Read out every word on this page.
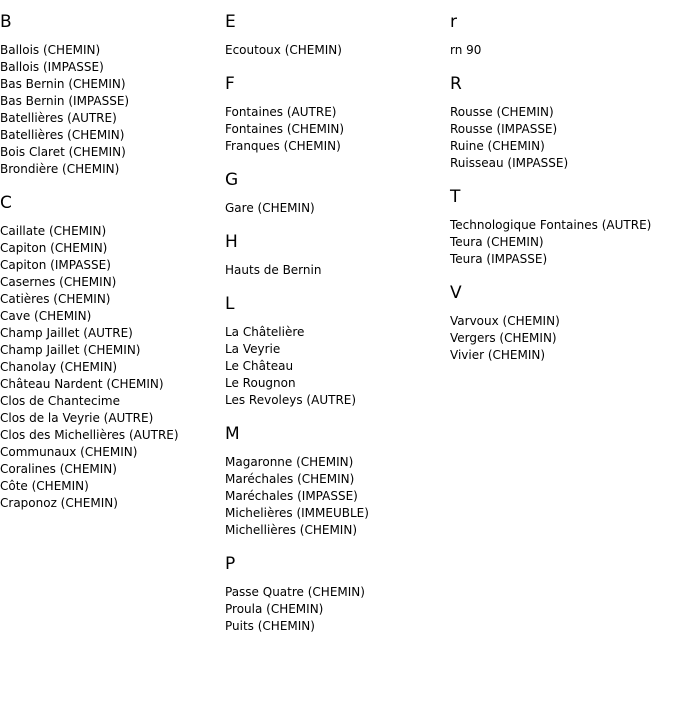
B
Ballois (CHEMIN)
Ballois (IMPASSE)
Bas Bernin (CHEMIN)
Bas Bernin (IMPASSE)
Batellières (AUTRE)
Batellières (CHEMIN)
Bois Claret (CHEMIN)
Brondière (CHEMIN)
C
Caillate (CHEMIN)
Capiton (CHEMIN)
Capiton (IMPASSE)
Casernes (CHEMIN)
Catières (CHEMIN)
Cave (CHEMIN)
Champ Jaillet (AUTRE)
Champ Jaillet (CHEMIN)
Chanolay (CHEMIN)
Château Nardent (CHEMIN)
Clos de Chantecime
Clos de la Veyrie (AUTRE)
Clos des Michellières (AUTRE)
Communaux (CHEMIN)
Coralines (CHEMIN)
Côte (CHEMIN)
Craponoz (CHEMIN)
E
Ecoutoux (CHEMIN)
F
Fontaines (AUTRE)
Fontaines (CHEMIN)
Franques (CHEMIN)
G
Gare (CHEMIN)
H
Hauts de Bernin
L
La Châtelière
La Veyrie
Le Château
Le Rougnon
Les Revoleys (AUTRE)
M
Magaronne (CHEMIN)
Maréchales (CHEMIN)
Maréchales (IMPASSE)
Michelières (IMMEUBLE)
Michellières (CHEMIN)
P
Passe Quatre (CHEMIN)
Proula (CHEMIN)
Puits (CHEMIN)
r
rn 90
R
Rousse (CHEMIN)
Rousse (IMPASSE)
Ruine (CHEMIN)
Ruisseau (IMPASSE)
T
Technologique Fontaines (AUTRE)
Teura (CHEMIN)
Teura (IMPASSE)
V
Varvoux (CHEMIN)
Vergers (CHEMIN)
Vivier (CHEMIN)
